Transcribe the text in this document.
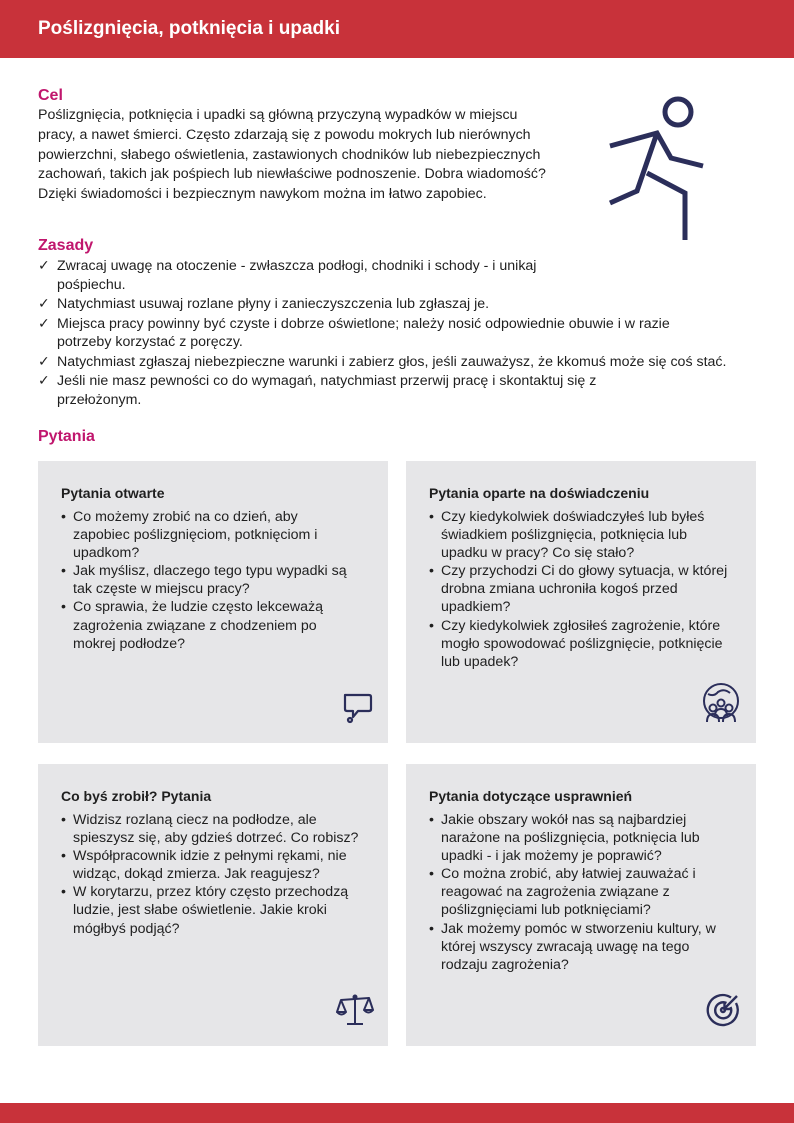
Poślizgnięcia, potknięcia i upadki
Cel

Poślizgnięcia, potknięcia i upadki są główną przyczyną wypadków w miejscu pracy, a nawet śmierci. Często zdarzają się z powodu mokrych lub nierównych powierzchni, słabego oświetlenia, zastawionych chodników lub niebezpiecznych zachowań, takich jak pośpiech lub niewłaściwe podnoszenie. Dobra wiadomość? Dzięki świadomości i bezpiecznym nawykom można im łatwo zapobiec.

Zasady
✓ Zwracaj uwagę na otoczenie - zwłaszcza podłogi, chodniki i schody - i unikaj pośpiechu.
✓ Natychmiast usuwaj rozlane płyny i zanieczyszczenia lub zgłaszaj je.
✓ Miejsca pracy powinny być czyste i dobrze oświetlone; należy nosić odpowiednie obuwie i w razie potrzeby korzystać z poręczy.
✓ Natychmiast zgłaszaj niebezpieczne warunki i zabierz głos, jeśli zauważysz, że kkomuś może się coś stać.
✓ Jeśli nie masz pewności co do wymagań, natychmiast przerwij pracę i skontaktuj się z przełożonym.
Pytania
Pytania otwarte
• Co możemy zrobić na co dzień, aby zapobiec poślizgnięciom, potknięciom i upadkom?
• Jak myślisz, dlaczego tego typu wypadki są tak częste w miejscu pracy?
• Co sprawia, że ludzie często lekceważą zagrożenia związane z chodzeniem po mokrej podłodze?
Pytania oparte na doświadczeniu
• Czy kiedykolwiek doświadczyłeś lub byłeś świadkiem poślizgnięcia, potknięcia lub upadku w pracy? Co się stało?
• Czy przychodzi Ci do głowy sytuacja, w której drobna zmiana uchroniła kogoś przed upadkiem?
• Czy kiedykolwiek zgłosiłeś zagrożenie, które mogło spowodować poślizgnięcie, potknięcie lub upadek?
Co byś zrobił? Pytania
• Widzisz rozlaną ciecz na podłodze, ale spieszysz się, aby gdzieś dotrzeć. Co robisz?
• Współpracownik idzie z pełnymi rękami, nie widząc, dokąd zmierza. Jak reagujesz?
• W korytarzu, przez który często przechodzą ludzie, jest słabe oświetlenie. Jakie kroki mógłbyś podjąć?
Pytania dotyczące usprawnień
• Jakie obszary wokół nas są najbardziej narażone na poślizgnięcia, potknięcia lub upadki - i jak możemy je poprawić?
• Co można zrobić, aby łatwiej zauważać i reagować na zagrożenia związane z poślizgnięciami lub potknięciami?
• Jak możemy pomóc w stworzeniu kultury, w której wszyscy zwracają uwagę na tego rodzaju zagrożenia?
